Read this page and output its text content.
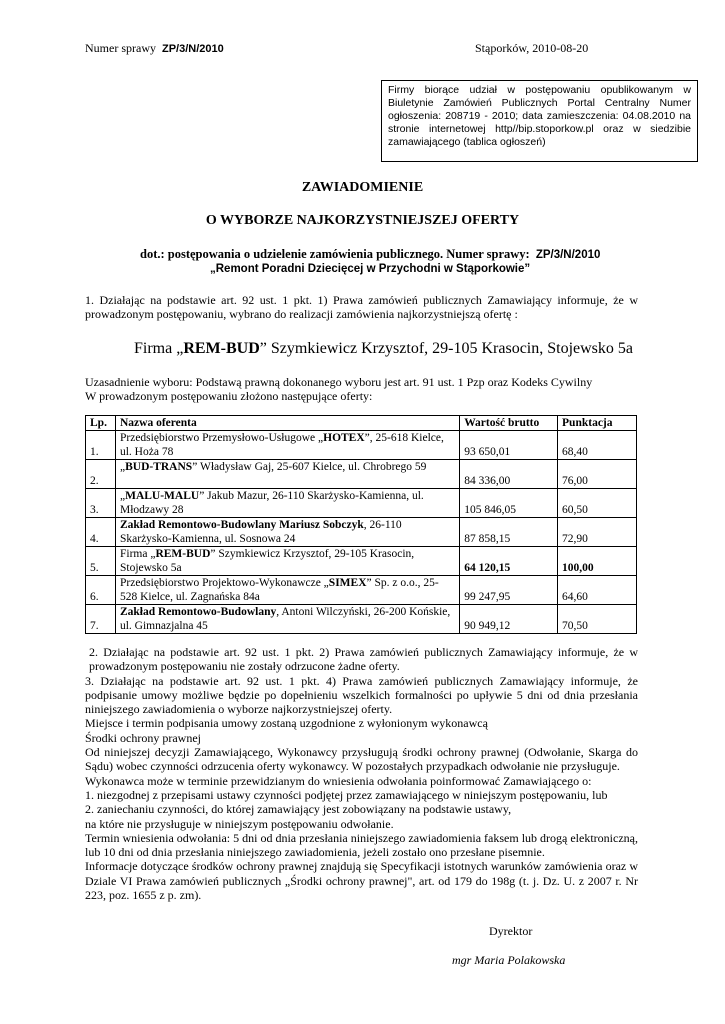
Numer sprawy ZP/3/N/2010	Stąporków, 2010-08-20
Firmy biorące udział w postępowaniu opublikowanym w Biuletynie Zamówień Publicznych Portal Centralny Numer ogłoszenia: 208719 - 2010; data zamieszczenia: 04.08.2010 na stronie internetowej http//bip.stoporkow.pl oraz w siedzibie zamawiającego (tablica ogłoszeń)
ZAWIADOMIENIE
O WYBORZE NAJKORZYSTNIEJSZEJ OFERTY
dot.: postępowania o udzielenie zamówienia publicznego. Numer sprawy: ZP/3/N/2010
„Remont Poradni Dziecięcej w Przychodni w Stąporkowie”
1. Działając na podstawie art. 92 ust. 1 pkt. 1) Prawa zamówień publicznych Zamawiający informuje, że w prowadzonym postępowaniu, wybrano do realizacji zamówienia najkorzystniejszą ofertę :
Firma „REM-BUD” Szymkiewicz Krzysztof, 29-105 Krasocin, Stojewsko 5a

Uzasadnienie wyboru: Podstawą prawną dokonanego wyboru jest art. 91 ust. 1 Pzp oraz Kodeks Cywilny

W prowadzonym postępowaniu złożono następujące oferty:

Lp.	Nazwa oferenta	Wartość brutto	Punktacja
1.	Przedsiębiorstwo Przemysłowo-Usługowe „HOTEX”, 25-618 Kielce, ul. Hoża 78	93 650,01	68,40
2.	„BUD-TRANS” Władysław Gaj, 25-607 Kielce, ul. Chrobrego 59	84 336,00	76,00
3.	„MALU-MALU” Jakub Mazur, 26-110 Skarżysko-Kamienna, ul. Młodzawy 28	105 846,05	60,50
4.	Zakład Remontowo-Budowlany Mariusz Sobczyk, 26-110 Skarżysko-Kamienna, ul. Sosnowa 24	87 858,15	72,90
5.	Firma „REM-BUD” Szymkiewicz Krzysztof, 29-105 Krasocin, Stojewsko 5a	64 120,15	100,00
6.	Przedsiębiorstwo Projektowo-Wykonawcze „SIMEX” Sp. z o.o., 25-528 Kielce, ul. Zagnańska 84a	99 247,95	64,60
7.	Zakład Remontowo-Budowlany, Antoni Wilczyński, 26-200 Końskie, ul. Gimnazjalna 45	90 949,12	70,50

2. Działając na podstawie art. 92 ust. 1 pkt. 2) Prawa zamówień publicznych Zamawiający informuje, że w prowadzonym postępowaniu nie zostały odrzucone żadne oferty.

3. Działając na podstawie art. 92 ust. 1 pkt. 4) Prawa zamówień publicznych Zamawiający informuje, że podpisanie umowy możliwe będzie po dopełnieniu wszelkich formalności po upływie 5 dni od dnia przesłania niniejszego zawiadomienia o wyborze najkorzystniejszej oferty.

Miejsce i termin podpisania umowy zostaną uzgodnione z wyłonionym wykonawcą

Środki ochrony prawnej

Od niniejszej decyzji Zamawiającego, Wykonawcy przysługują środki ochrony prawnej (Odwołanie, Skarga do Sądu) wobec czynności odrzucenia oferty wykonawcy. W pozostałych przypadkach odwołanie nie przysługuje.

Wykonawca może w terminie przewidzianym do wniesienia odwołania poinformować Zamawiającego o:

1. niezgodnej z przepisami ustawy czynności podjętej przez zamawiającego w niniejszym postępowaniu, lub

2. zaniechaniu czynności, do której zamawiający jest zobowiązany na podstawie ustawy,

na które nie przysługuje w niniejszym postępowaniu odwołanie.

Termin wniesienia odwołania: 5 dni od dnia przesłania niniejszego zawiadomienia faksem lub drogą elektroniczną, lub 10 dni od dnia przesłania niniejszego zawiadomienia, jeżeli zostało ono przesłane pisemnie.

Informacje dotyczące środków ochrony prawnej znajdują się Specyfikacji istotnych warunków zamówienia oraz w Dziale VI Prawa zamówień publicznych „Środki ochrony prawnej", art. od 179 do 198g (t. j. Dz. U. z 2007 r. Nr 223, poz. 1655 z p. zm).

Dyrektor
mgr Maria Polakowska
